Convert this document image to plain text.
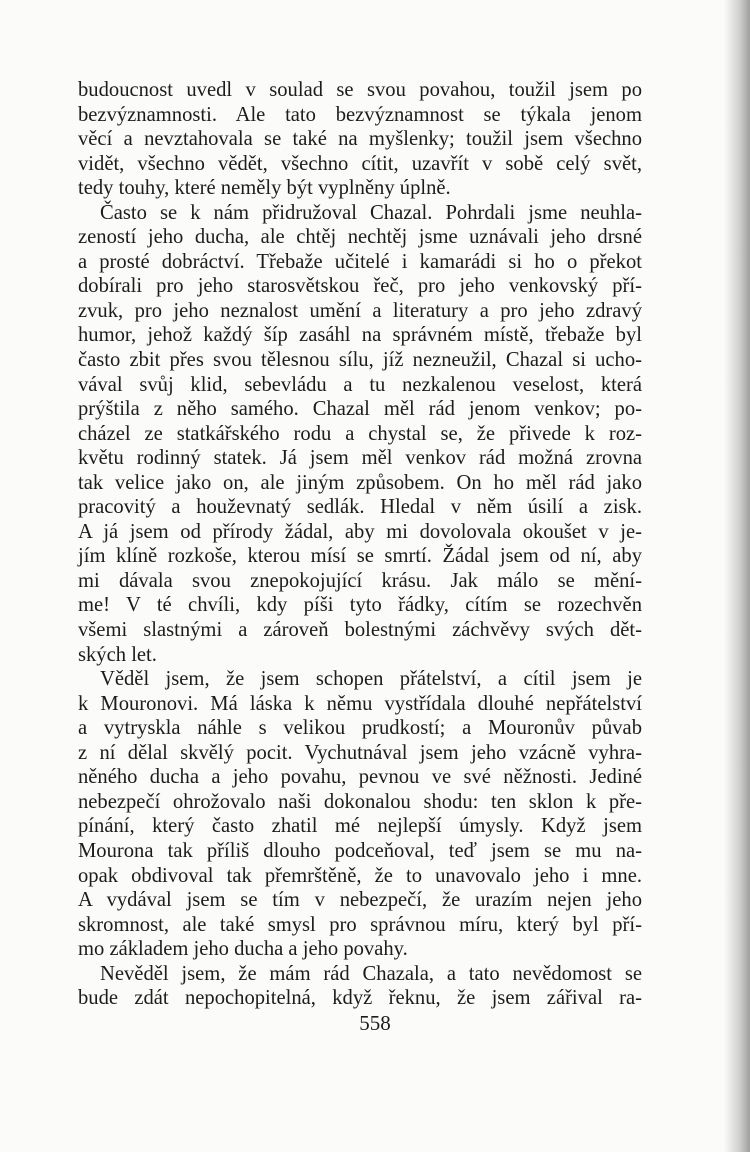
budoucnost uvedl v soulad se svou povahou, toužil jsem po
bezvýznamnosti. Ale tato bezvýznamnost se týkala jenom
věcí a nevztahovala se také na myšlenky; toužil jsem všechno
vidět, všechno vědět, všechno cítit, uzavřít v sobě celý svět,
tedy touhy, které neměly být vyplněny úplně.
Často se k nám přidružoval Chazal. Pohrdali jsme neuhla-
zeností jeho ducha, ale chtěj nechtěj jsme uznávali jeho drsné
a prosté dobráctví. Třebaže učitelé i kamarádi si ho o překot
dobírali pro jeho starosvětskou řeč, pro jeho venkovský pří-
zvuk, pro jeho neznalost umění a literatury a pro jeho zdravý
humor, jehož každý šíp zasáhl na správném místě, třebaže byl
často zbit přes svou tělesnou sílu, jíž nezneužil, Chazal si ucho-
vával svůj klid, sebevládu a tu nezkalenou veselost, která
prýštila z něho samého. Chazal měl rád jenom venkov; po-
cházel ze statkářského rodu a chystal se, že přivede k roz-
květu rodinný statek. Já jsem měl venkov rád možná zrovna
tak velice jako on, ale jiným způsobem. On ho měl rád jako
pracovitý a houževnatý sedlák. Hledal v něm úsilí a zisk.
A já jsem od přírody žádal, aby mi dovolovala okoušet v je-
jím klíně rozkoše, kterou mísí se smrtí. Žádal jsem od ní, aby
mi dávala svou znepokojující krásu. Jak málo se mění-
me! V té chvíli, kdy píši tyto řádky, cítím se rozechvěn
všemi slastnými a zároveň bolestnými záchvěvy svých dět-
ských let.
Věděl jsem, že jsem schopen přátelství, a cítil jsem je
k Mouronovi. Má láska k němu vystřídala dlouhé nepřátelství
a vytryskla náhle s velikou prudkostí; a Mouronův půvab
z ní dělal skvělý pocit. Vychutnával jsem jeho vzácně vyhra-
něného ducha a jeho povahu, pevnou ve své něžnosti. Jediné
nebezpečí ohrožovalo naši dokonalou shodu: ten sklon k pře-
pínání, který často zhatil mé nejlepší úmysly. Když jsem
Mourona tak příliš dlouho podceňoval, teď jsem se mu na-
opak obdivoval tak přemrštěně, že to unavovalo jeho i mne.
A vydával jsem se tím v nebezpečí, že urazím nejen jeho
skromnost, ale také smysl pro správnou míru, který byl pří-
mo základem jeho ducha a jeho povahy.
Nevěděl jsem, že mám rád Chazala, a tato nevědomost se
bude zdát nepochopitelná, když řeknu, že jsem zářival ra-
558
